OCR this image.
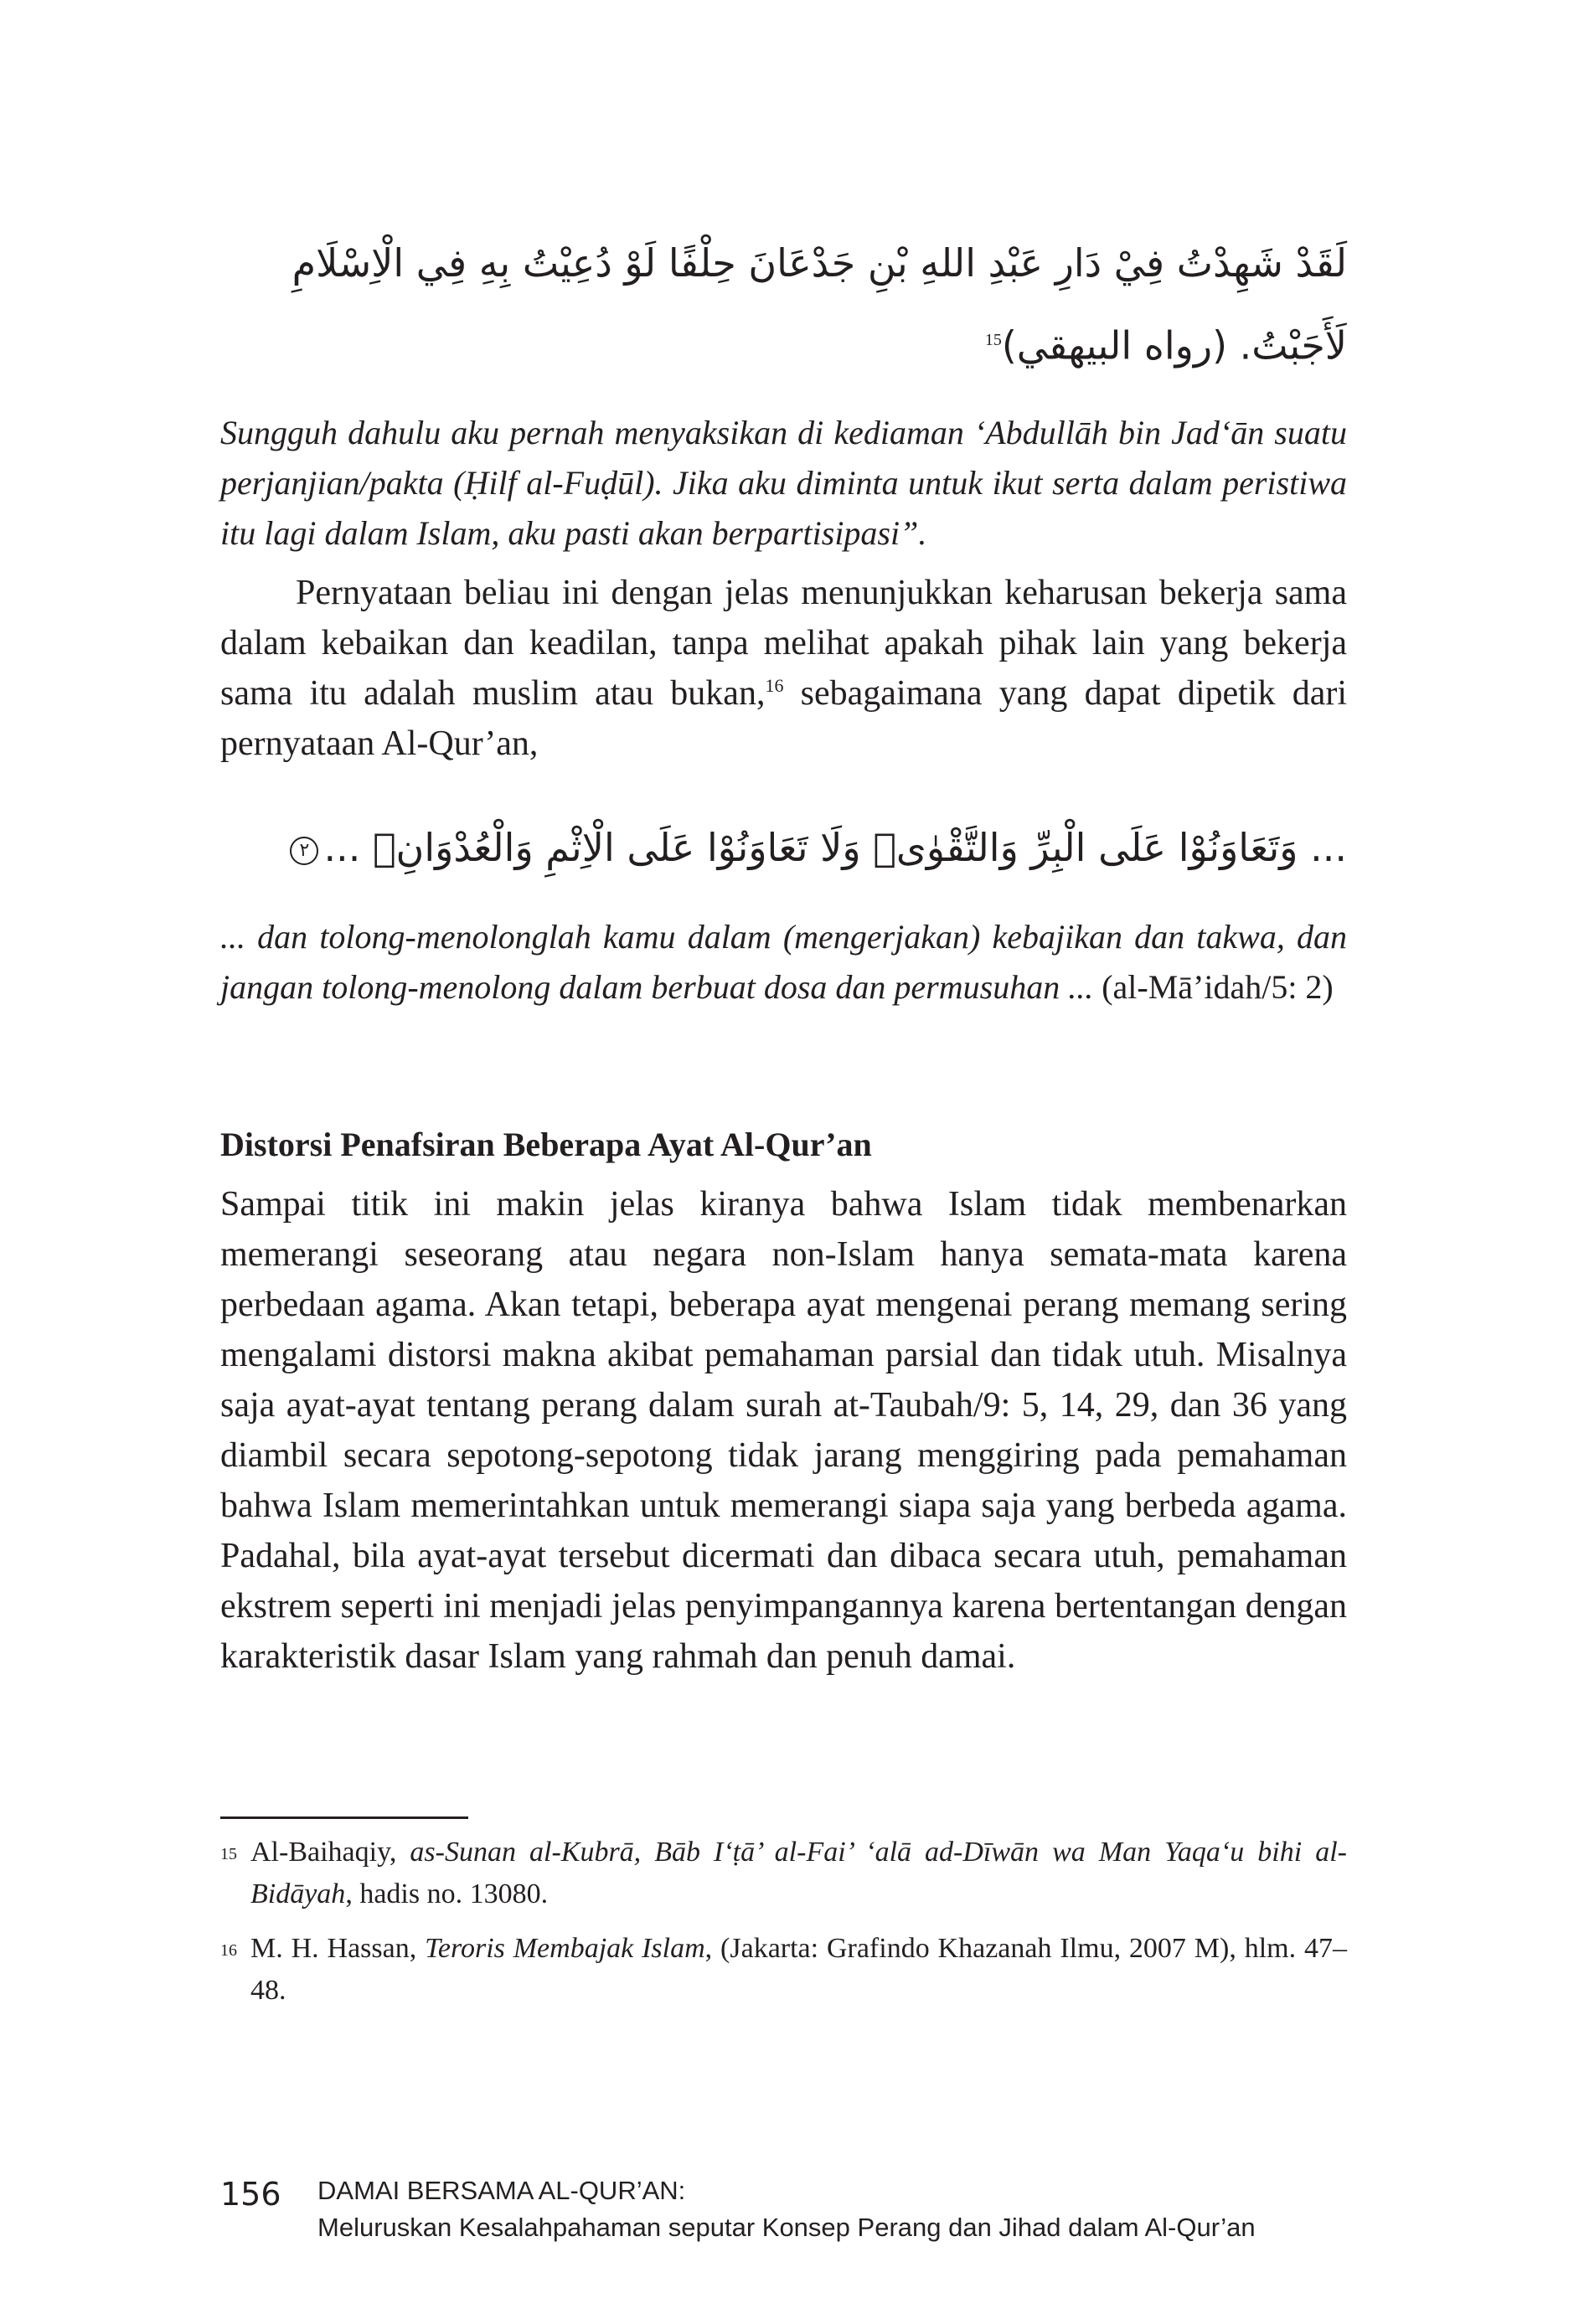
لَقَدْ شَهِدْتُ فِيْ دَارِ عَبْدِ اللهِ بْنِ جَدْعَانَ حِلْفًا لَوْ دُعِيْتُ بِهِ فِي الْاِسْلَامِ لَأَجَبْتُ. (رواه البيهقي)$^{15}$
Sungguh dahulu aku pernah menyaksikan di kediaman ‘Abdullāh bin Jad‘ān suatu perjanjian/pakta (Ḥilf al-Fuḍūl). Jika aku diminta untuk ikut serta dalam peristiwa itu lagi dalam Islam, aku pasti akan berpartisipasi”.
Pernyataan beliau ini dengan jelas menunjukkan keharusan bekerja sama dalam kebaikan dan keadilan, tanpa melihat apakah pihak lain yang bekerja sama itu adalah muslim atau bukan,$^{16}$ sebagaimana yang dapat dipetik dari pernyataan Al-Qur’an,
... وَتَعَاوَنُوْا عَلَى الْبِرِّ وَالتَّقْوٰىۖ وَلَا تَعَاوَنُوْا عَلَى الْاِثْمِ وَالْعُدْوَانِۖ ...٢
... dan tolong-menolonglah kamu dalam (mengerjakan) kebajikan dan takwa, dan jangan tolong-menolong dalam berbuat dosa dan permusuhan ... (al-Mā’idah/5: 2)
Distorsi Penafsiran Beberapa Ayat Al-Qur’an
Sampai titik ini makin jelas kiranya bahwa Islam tidak membenarkan memerangi seseorang atau negara non-Islam hanya semata-mata karena perbedaan agama. Akan tetapi, beberapa ayat mengenai perang memang sering mengalami distorsi makna akibat pemahaman parsial dan tidak utuh. Misalnya saja ayat-ayat tentang perang dalam surah at-Taubah/9: 5, 14, 29, dan 36 yang diambil secara sepotong-sepotong tidak jarang menggiring pada pemahaman bahwa Islam memerintahkan untuk memerangi siapa saja yang berbeda agama. Padahal, bila ayat-ayat tersebut dicermati dan dibaca secara utuh, pemahaman ekstrem seperti ini menjadi jelas penyimpangannya karena bertentangan dengan karakteristik dasar Islam yang rahmah dan penuh damai.
15 Al-Baihaqiy, as-Sunan al-Kubrā, Bāb I‘ṭā’ al-Fai’ ‘alā ad-Dīwān wa Man Yaqa‘u bihi al-Bidāyah, hadis no. 13080.
16 M. H. Hassan, Teroris Membajak Islam, (Jakarta: Grafindo Khazanah Ilmu, 2007 M), hlm. 47–48.
156 DAMAI BERSAMA AL-QUR’AN:
Meluruskan Kesalahpahaman seputar Konsep Perang dan Jihad dalam Al-Qur’an
